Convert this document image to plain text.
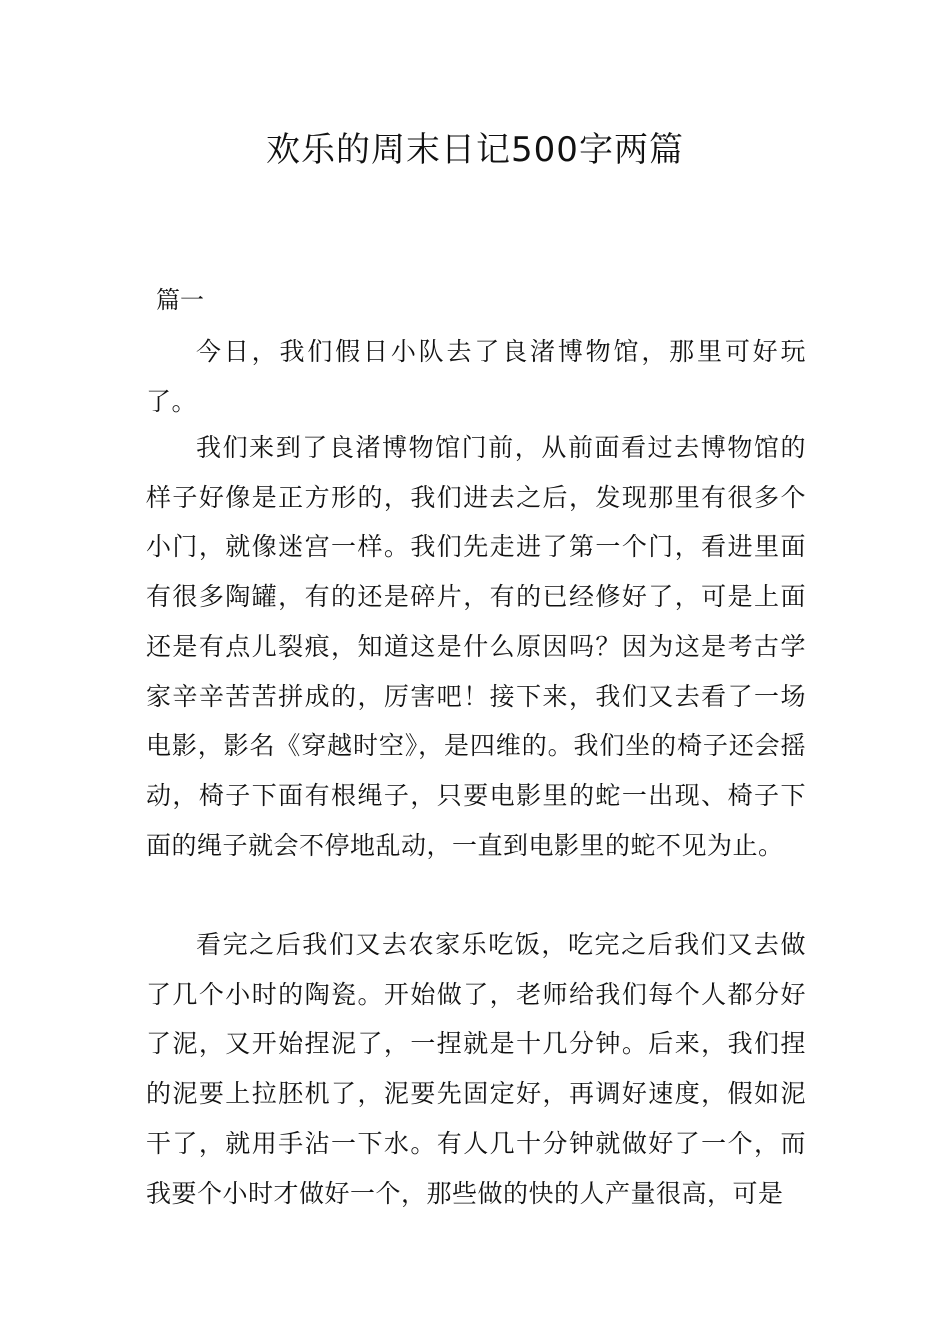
欢乐的周末日记500字两篇
篇一

今日，我们假日小队去了良渚博物馆，那里可好玩了。

我们来到了良渚博物馆门前，从前面看过去博物馆的样子好像是正方形的，我们进去之后，发现那里有很多个小门，就像迷宫一样。我们先走进了第一个门，看进里面有很多陶罐，有的还是碎片，有的已经修好了，可是上面还是有点儿裂痕，知道这是什么原因吗？因为这是考古学家辛辛苦苦拼成的，厉害吧！接下来，我们又去看了一场电影，影名《穿越时空》，是四维的。我们坐的椅子还会摇动，椅子下面有根绳子，只要电影里的蛇一出现、椅子下面的绳子就会不停地乱动，一直到电影里的蛇不见为止。

看完之后我们又去农家乐吃饭，吃完之后我们又去做了几个小时的陶瓷。开始做了，老师给我们每个人都分好了泥，又开始捏泥了，一捏就是十几分钟。后来，我们捏的泥要上拉胚机了，泥要先固定好，再调好速度，假如泥干了，就用手沾一下水。有人几十分钟就做好了一个，而我要个小时才做好一个，那些做的快的人产量很高，可是
